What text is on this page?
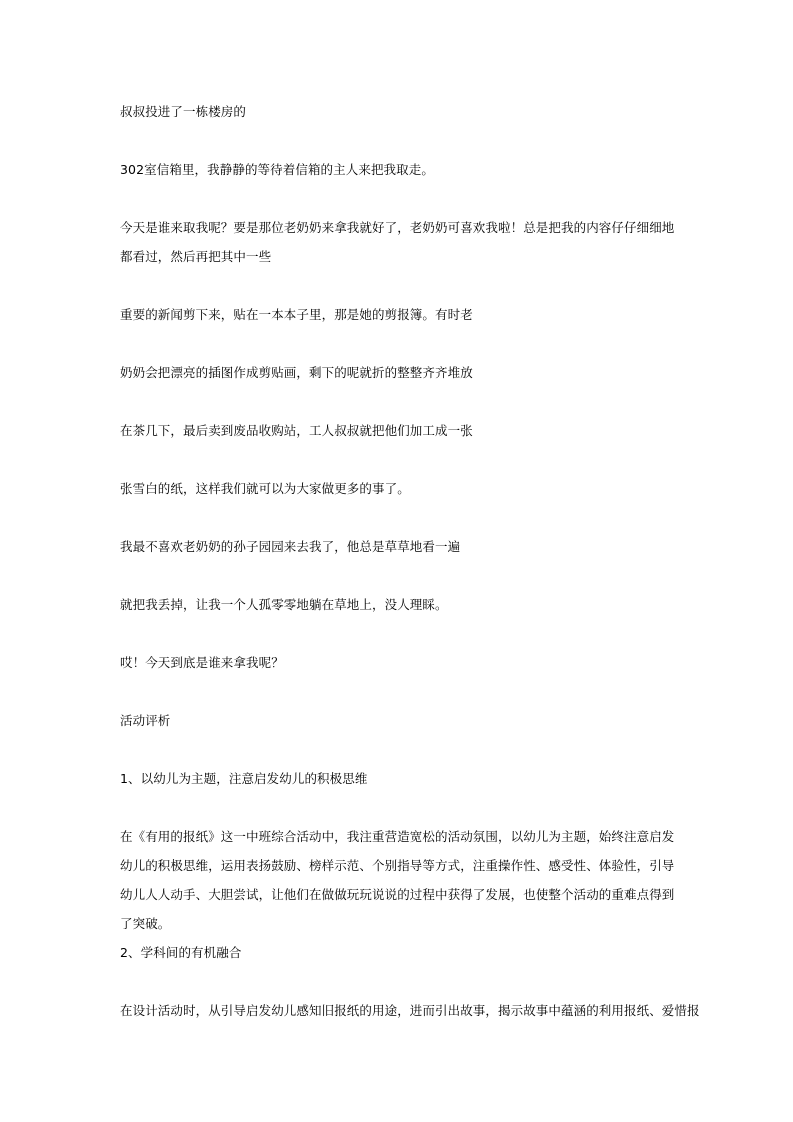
叔叔投进了一栋楼房的

302室信箱里，我静静的等待着信箱的主人来把我取走。

今天是谁来取我呢？要是那位老奶奶来拿我就好了，老奶奶可喜欢我啦！总是把我的内容仔仔细细地都看过，然后再把其中一些

重要的新闻剪下来，贴在一本本子里，那是她的剪报簿。有时老

奶奶会把漂亮的插图作成剪贴画，剩下的呢就折的整整齐齐堆放

在茶几下，最后卖到废品收购站，工人叔叔就把他们加工成一张

张雪白的纸，这样我们就可以为大家做更多的事了。

我最不喜欢老奶奶的孙子园园来去我了，他总是草草地看一遍

就把我丢掉，让我一个人孤零零地躺在草地上，没人理睬。

哎！今天到底是谁来拿我呢？

活动评析

1、以幼儿为主题，注意启发幼儿的积极思维

在《有用的报纸》这一中班综合活动中，我注重营造宽松的活动氛围，以幼儿为主题，始终注意启发幼儿的积极思维，运用表扬鼓励、榜样示范、个别指导等方式，注重操作性、感受性、体验性，引导幼儿人人动手、大胆尝试，让他们在做做玩玩说说的过程中获得了发展，也使整个活动的重难点得到了突破。

2、学科间的有机融合

在设计活动时，从引导启发幼儿感知旧报纸的用途，进而引出故事，揭示故事中蕴涵的利用报纸、爱惜报
